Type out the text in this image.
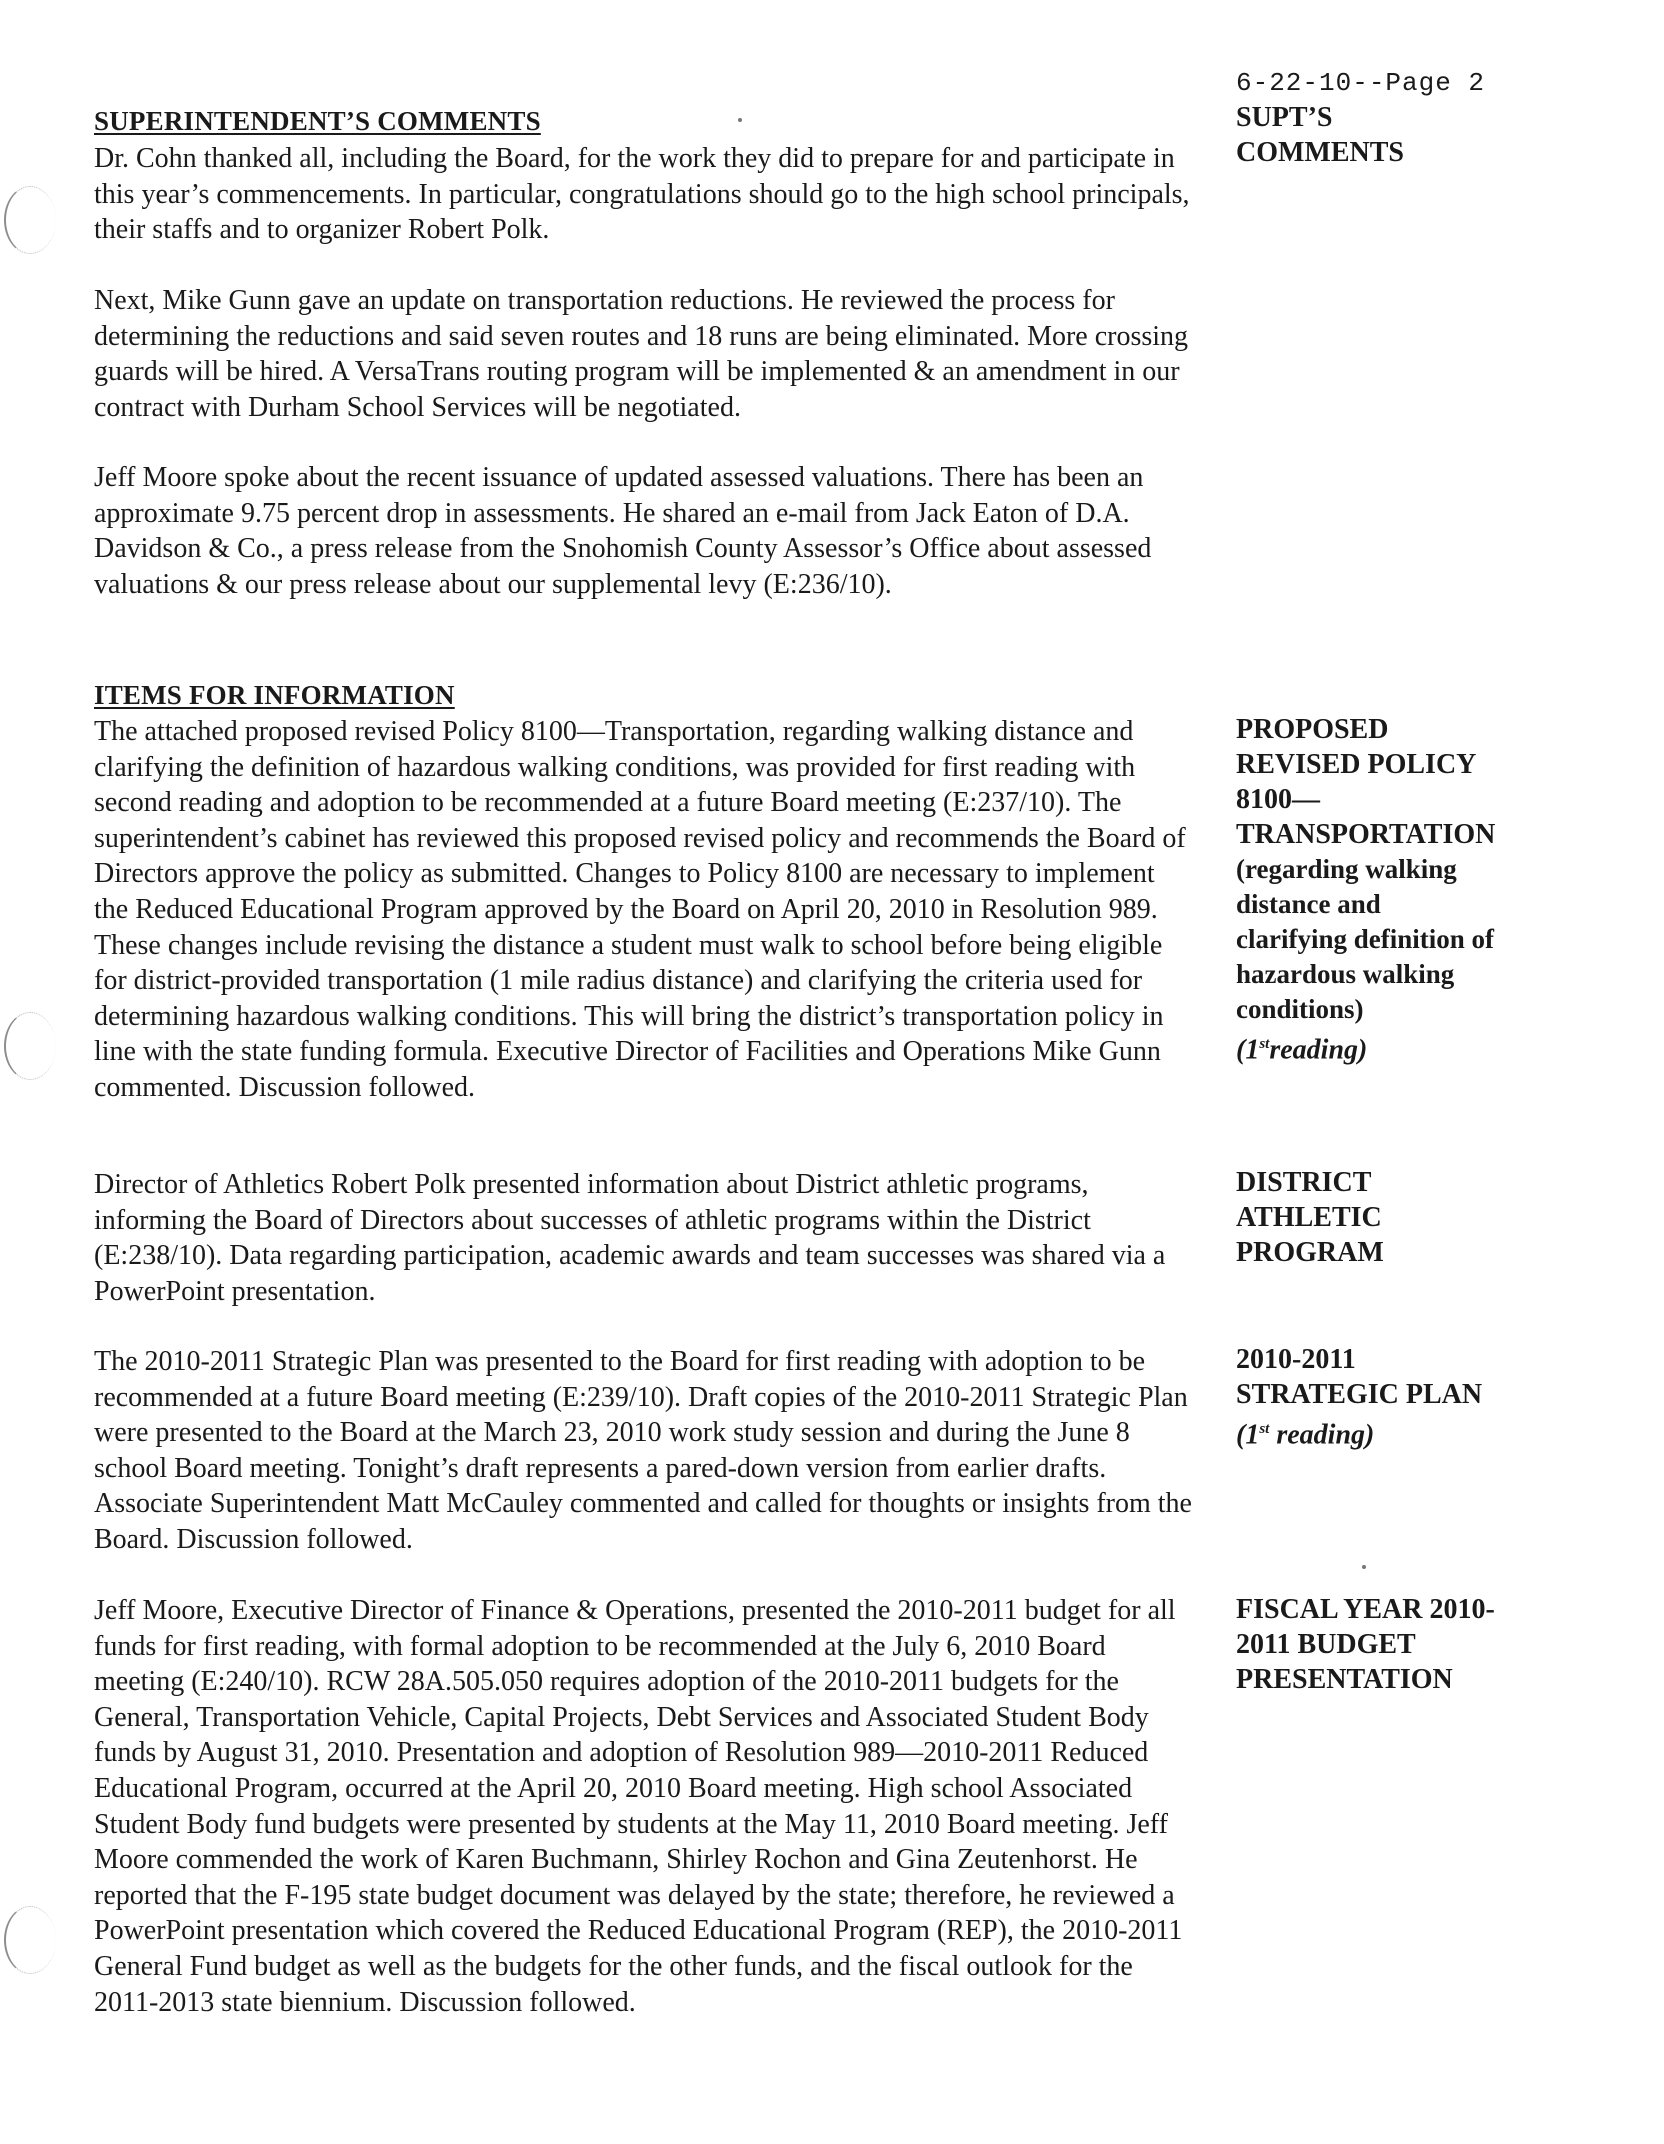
6-22-10--Page 2

SUPERINTENDENT’S COMMENTS	SUPT’S
COMMENTS

Dr. Cohn thanked all, including the Board, for the work they did to prepare for and participate in this year’s commencements. In particular, congratulations should go to the high school principals, their staffs and to organizer Robert Polk.

Next, Mike Gunn gave an update on transportation reductions. He reviewed the process for determining the reductions and said seven routes and 18 runs are being eliminated. More crossing guards will be hired. A VersaTrans routing program will be implemented & an amendment in our contract with Durham School Services will be negotiated.

Jeff Moore spoke about the recent issuance of updated assessed valuations. There has been an approximate 9.75 percent drop in assessments. He shared an e-mail from Jack Eaton of D.A. Davidson & Co., a press release from the Snohomish County Assessor’s Office about assessed valuations & our press release about our supplemental levy (E:236/10).

ITEMS FOR INFORMATION

The attached proposed revised Policy 8100—Transportation, regarding walking distance and clarifying the definition of hazardous walking conditions, was provided for first reading with second reading and adoption to be recommended at a future Board meeting (E:237/10). The superintendent’s cabinet has reviewed this proposed revised policy and recommends the Board of Directors approve the policy as submitted. Changes to Policy 8100 are necessary to implement the Reduced Educational Program approved by the Board on April 20, 2010 in Resolution 989. These changes include revising the distance a student must walk to school before being eligible for district-provided transportation (1 mile radius distance) and clarifying the criteria used for determining hazardous walking conditions. This will bring the district’s transportation policy in line with the state funding formula. Executive Director of Facilities and Operations Mike Gunn commented. Discussion followed.

PROPOSED
REVISED POLICY
8100—
TRANSPORTATION
(regarding walking
distance and
clarifying definition of
hazardous walking
conditions)
(1streading)

Director of Athletics Robert Polk presented information about District athletic programs, informing the Board of Directors about successes of athletic programs within the District (E:238/10). Data regarding participation, academic awards and team successes was shared via a PowerPoint presentation.

DISTRICT
ATHLETIC
PROGRAM

The 2010-2011 Strategic Plan was presented to the Board for first reading with adoption to be recommended at a future Board meeting (E:239/10). Draft copies of the 2010-2011 Strategic Plan were presented to the Board at the March 23, 2010 work study session and during the June 8 school Board meeting. Tonight’s draft represents a pared-down version from earlier drafts. Associate Superintendent Matt McCauley commented and called for thoughts or insights from the Board. Discussion followed.

2010-2011
STRATEGIC PLAN
(1st reading)

Jeff Moore, Executive Director of Finance & Operations, presented the 2010-2011 budget for all funds for first reading, with formal adoption to be recommended at the July 6, 2010 Board meeting (E:240/10). RCW 28A.505.050 requires adoption of the 2010-2011 budgets for the General, Transportation Vehicle, Capital Projects, Debt Services and Associated Student Body funds by August 31, 2010. Presentation and adoption of Resolution 989—2010-2011 Reduced Educational Program, occurred at the April 20, 2010 Board meeting. High school Associated Student Body fund budgets were presented by students at the May 11, 2010 Board meeting. Jeff Moore commended the work of Karen Buchmann, Shirley Rochon and Gina Zeutenhorst. He reported that the F-195 state budget document was delayed by the state; therefore, he reviewed a PowerPoint presentation which covered the Reduced Educational Program (REP), the 2010-2011 General Fund budget as well as the budgets for the other funds, and the fiscal outlook for the 2011-2013 state biennium. Discussion followed.

FISCAL YEAR 2010-
2011 BUDGET
PRESENTATION
